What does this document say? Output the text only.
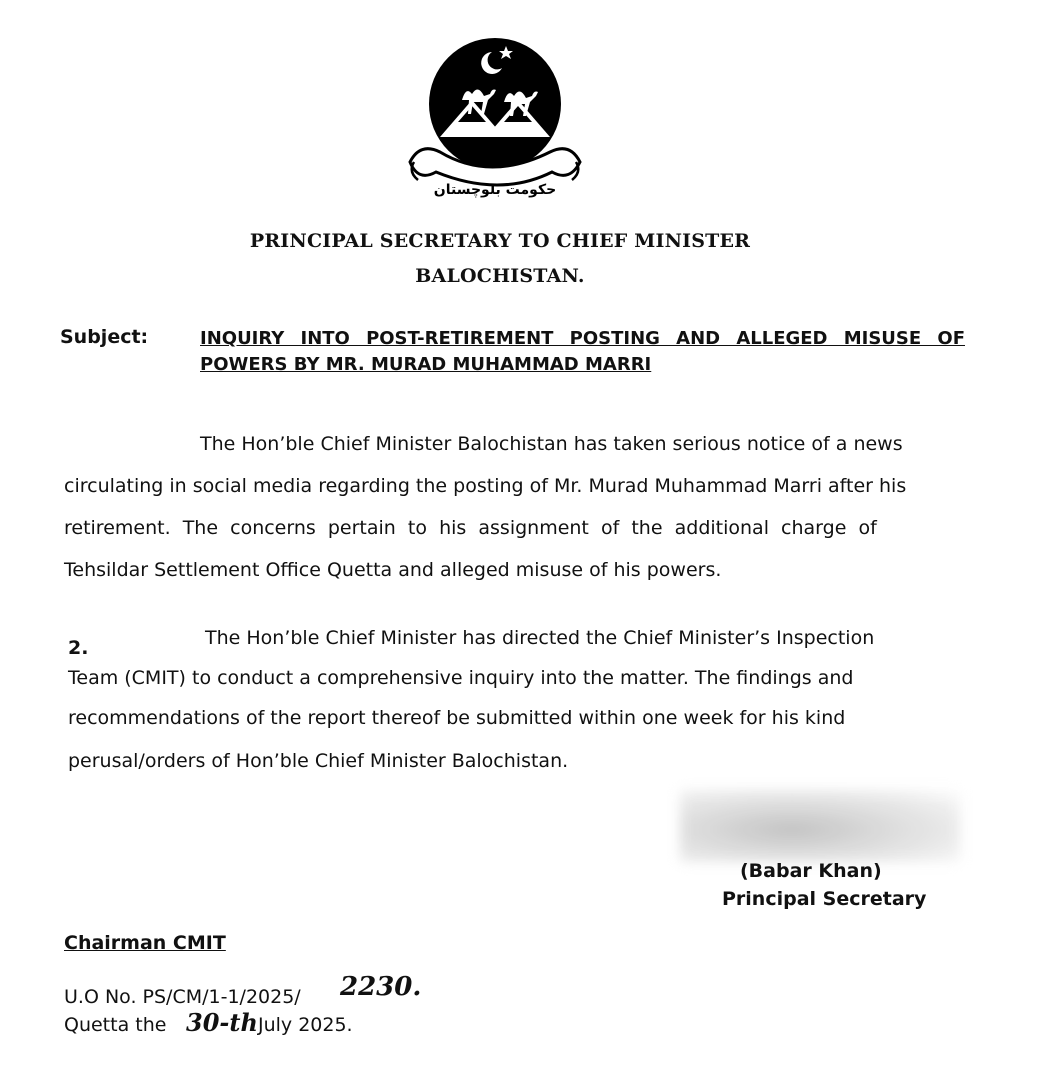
حکومت بلوچستان
PRINCIPAL SECRETARY TO CHIEF MINISTER
BALOCHISTAN.
Subject:	INQUIRY INTO POST-RETIREMENT POSTING AND ALLEGED MISUSE OF POWERS BY MR. MURAD MUHAMMAD MARRI
The Hon’ble Chief Minister Balochistan has taken serious notice of a news
circulating in social media regarding the posting of Mr. Murad Muhammad Marri after his
retirement.  The  concerns  pertain  to  his  assignment  of  the  additional  charge  of
Tehsildar Settlement Office Quetta and alleged misuse of his powers.
2.	The Hon’ble Chief Minister has directed the Chief Minister’s Inspection
Team (CMIT) to conduct a comprehensive inquiry into the matter. The findings and
recommendations of the report thereof be submitted within one week for his kind
perusal/orders of Hon’ble Chief Minister Balochistan.
(Babar Khan)
Principal Secretary
Chairman CMIT
U.O No. PS/CM/1-1/2025/ 2230.
Quetta the 30-th July 2025.
